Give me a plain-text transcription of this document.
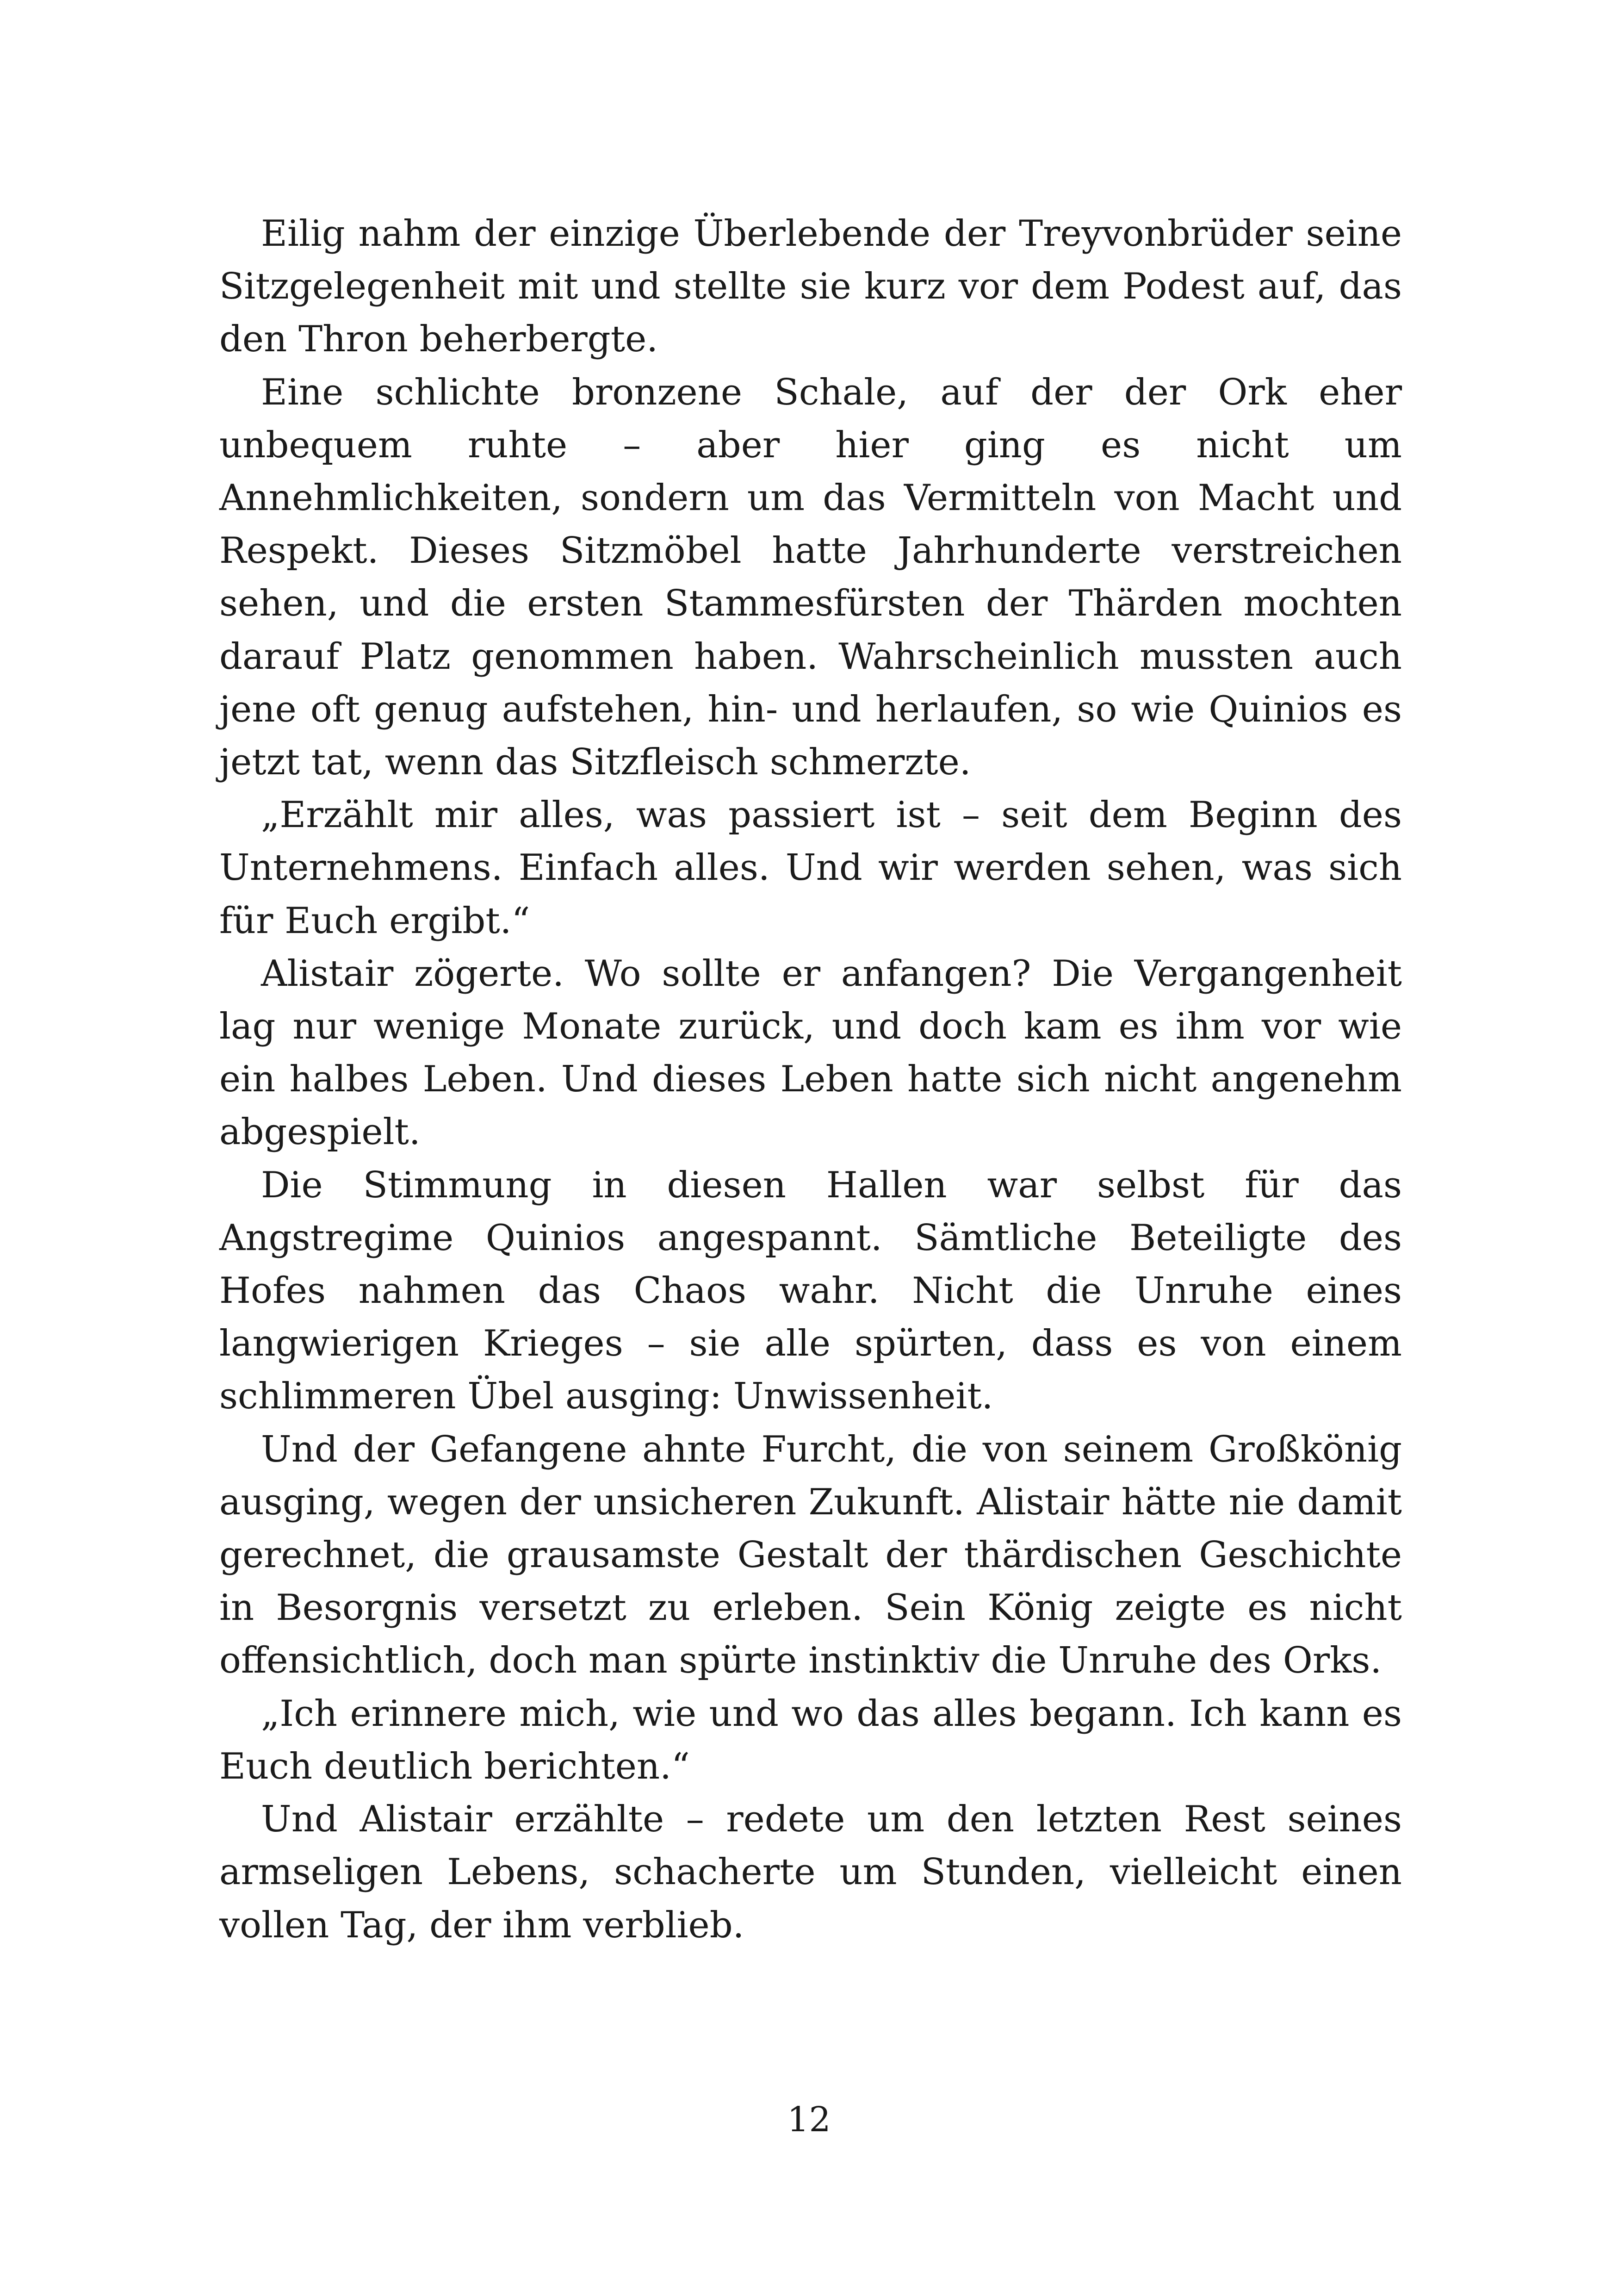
Eilig nahm der einzige Überlebende der Treyvonbrüder seine Sitzgelegenheit mit und stellte sie kurz vor dem Podest auf, das den Thron beherbergte.

Eine schlichte bronzene Schale, auf der der Ork eher unbequem ruhte – aber hier ging es nicht um Annehmlichkeiten, sondern um das Vermitteln von Macht und Respekt. Dieses Sitzmöbel hatte Jahrhunderte verstreichen sehen, und die ersten Stammesfürsten der Thärden mochten darauf Platz genommen haben. Wahrscheinlich mussten auch jene oft genug aufstehen, hin- und herlaufen, so wie Quinios es jetzt tat, wenn das Sitzfleisch schmerzte.

„Erzählt mir alles, was passiert ist – seit dem Beginn des Unternehmens. Einfach alles. Und wir werden sehen, was sich für Euch ergibt.“

Alistair zögerte. Wo sollte er anfangen? Die Vergangenheit lag nur wenige Monate zurück, und doch kam es ihm vor wie ein halbes Leben. Und dieses Leben hatte sich nicht angenehm abgespielt.

Die Stimmung in diesen Hallen war selbst für das Angstregime Quinios angespannt. Sämtliche Beteiligte des Hofes nahmen das Chaos wahr. Nicht die Unruhe eines langwierigen Krieges – sie alle spürten, dass es von einem schlimmeren Übel ausging: Unwissenheit.

Und der Gefangene ahnte Furcht, die von seinem Großkönig ausging, wegen der unsicheren Zukunft. Alistair hätte nie damit gerechnet, die grausamste Gestalt der thärdischen Geschichte in Besorgnis versetzt zu erleben. Sein König zeigte es nicht offensichtlich, doch man spürte instinktiv die Unruhe des Orks.

„Ich erinnere mich, wie und wo das alles begann. Ich kann es Euch deutlich berichten.“

Und Alistair erzählte – redete um den letzten Rest seines armseligen Lebens, schacherte um Stunden, vielleicht einen vollen Tag, der ihm verblieb.

12
